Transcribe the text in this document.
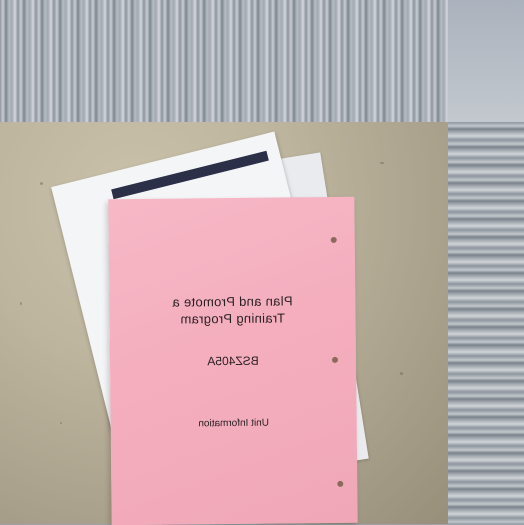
Plan and Promote a
Training Program
BSZ405A
Unit Information
